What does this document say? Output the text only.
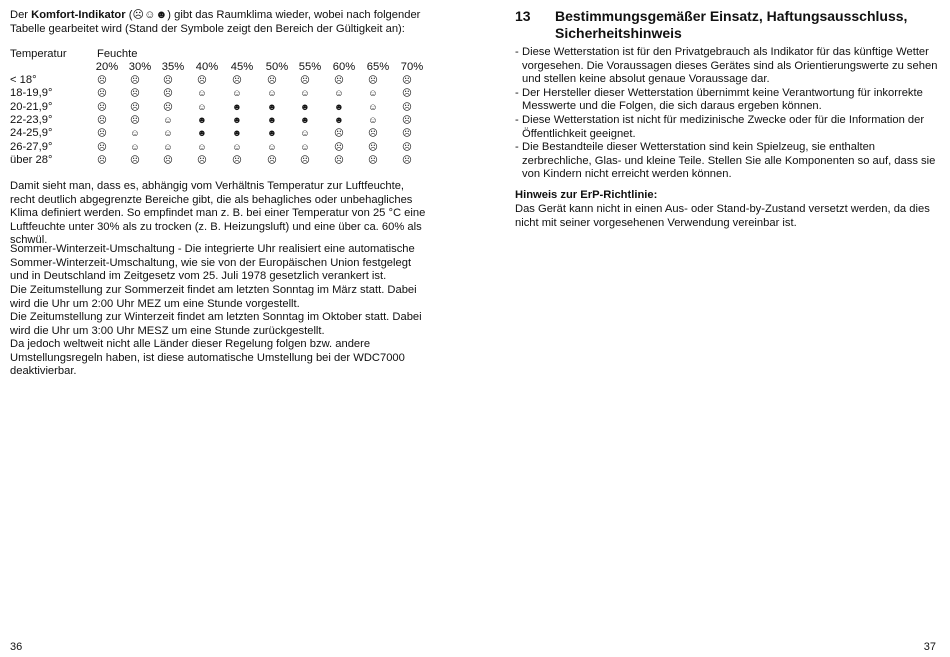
Der Komfort-Indikator (☹☺☻) gibt das Raumklima wieder, wobei nach folgender Tabelle gearbeitet wird (Stand der Symbole zeigt den Bereich der Gültigkeit an):

Temperatur	Feuchte
20% 30% 35%	40%	45%	50% 55%	60%	65%	70%
< 18°	☹	☹	☹	☹	☹	☹	☹	☹	☹	☹
18-19,9°	☹	☹	☹	☺	☺	☺	☺	☺	☺	☹
20-21,9°	☹	☹	☹	☺	☻	☻	☻	☻	☺	☹
22-23,9°	☹	☹	☺	☻	☻	☻	☻	☻	☺	☹
24-25,9°	☹	☺	☺	☻	☻	☻	☺	☹	☹	☹
26-27,9°	☹	☺	☺	☺	☺	☺	☺	☹	☹	☹
über 28°	☹	☹	☹	☹	☹	☹	☹	☹	☹	☹

Damit sieht man, dass es, abhängig vom Verhältnis Temperatur zur Luftfeuchte, recht deutlich abgegrenzte Bereiche gibt, die als behagliches oder unbehagliches Klima definiert werden. So empfindet man z. B. bei einer Temperatur von 25 °C eine Luftfeuchte unter 30% als zu trocken (z. B. Heizungsluft) und eine über ca. 60% als schwül.

Sommer-Winterzeit-Umschaltung - Die integrierte Uhr realisiert eine automatische Sommer-Winterzeit-Umschaltung, wie sie von der Europäischen Union festgelegt und in Deutschland im Zeitgesetz vom 25. Juli 1978 gesetzlich verankert ist.

Die Zeitumstellung zur Sommerzeit findet am letzten Sonntag im März statt. Dabei wird die Uhr um 2:00 Uhr MEZ um eine Stunde vorgestellt.

Die Zeitumstellung zur Winterzeit findet am letzten Sonntag im Oktober statt. Dabei wird die Uhr um 3:00 Uhr MESZ um eine Stunde zurückgestellt.

Da jedoch weltweit nicht alle Länder dieser Regelung folgen bzw. andere Umstellungsregeln haben, ist diese automatische Umstellung bei der WDC7000 deaktivierbar.

36
13	Bestimmungsgemäßer Einsatz, Haftungsausschluss, Sicherheitshinweis
- Diese Wetterstation ist für den Privatgebrauch als Indikator für das künftige Wetter vorgesehen. Die Voraussagen dieses Gerätes sind als Orientierungswerte zu sehen und stellen keine absolut genaue Voraussage dar.
- Der Hersteller dieser Wetterstation übernimmt keine Verantwortung für inkorrekte Messwerte und die Folgen, die sich daraus ergeben können.
- Diese Wetterstation ist nicht für medizinische Zwecke oder für die Information der Öffentlichkeit geeignet.
- Die Bestandteile dieser Wetterstation sind kein Spielzeug, sie enthalten zerbrechliche, Glas- und kleine Teile. Stellen Sie alle Komponenten so auf, dass sie von Kindern nicht erreicht werden können.
Hinweis zur ErP-Richtlinie:

Das Gerät kann nicht in einen Aus- oder Stand-by-Zustand versetzt werden, da dies nicht mit seiner vorgesehenen Verwendung vereinbar ist.

37
